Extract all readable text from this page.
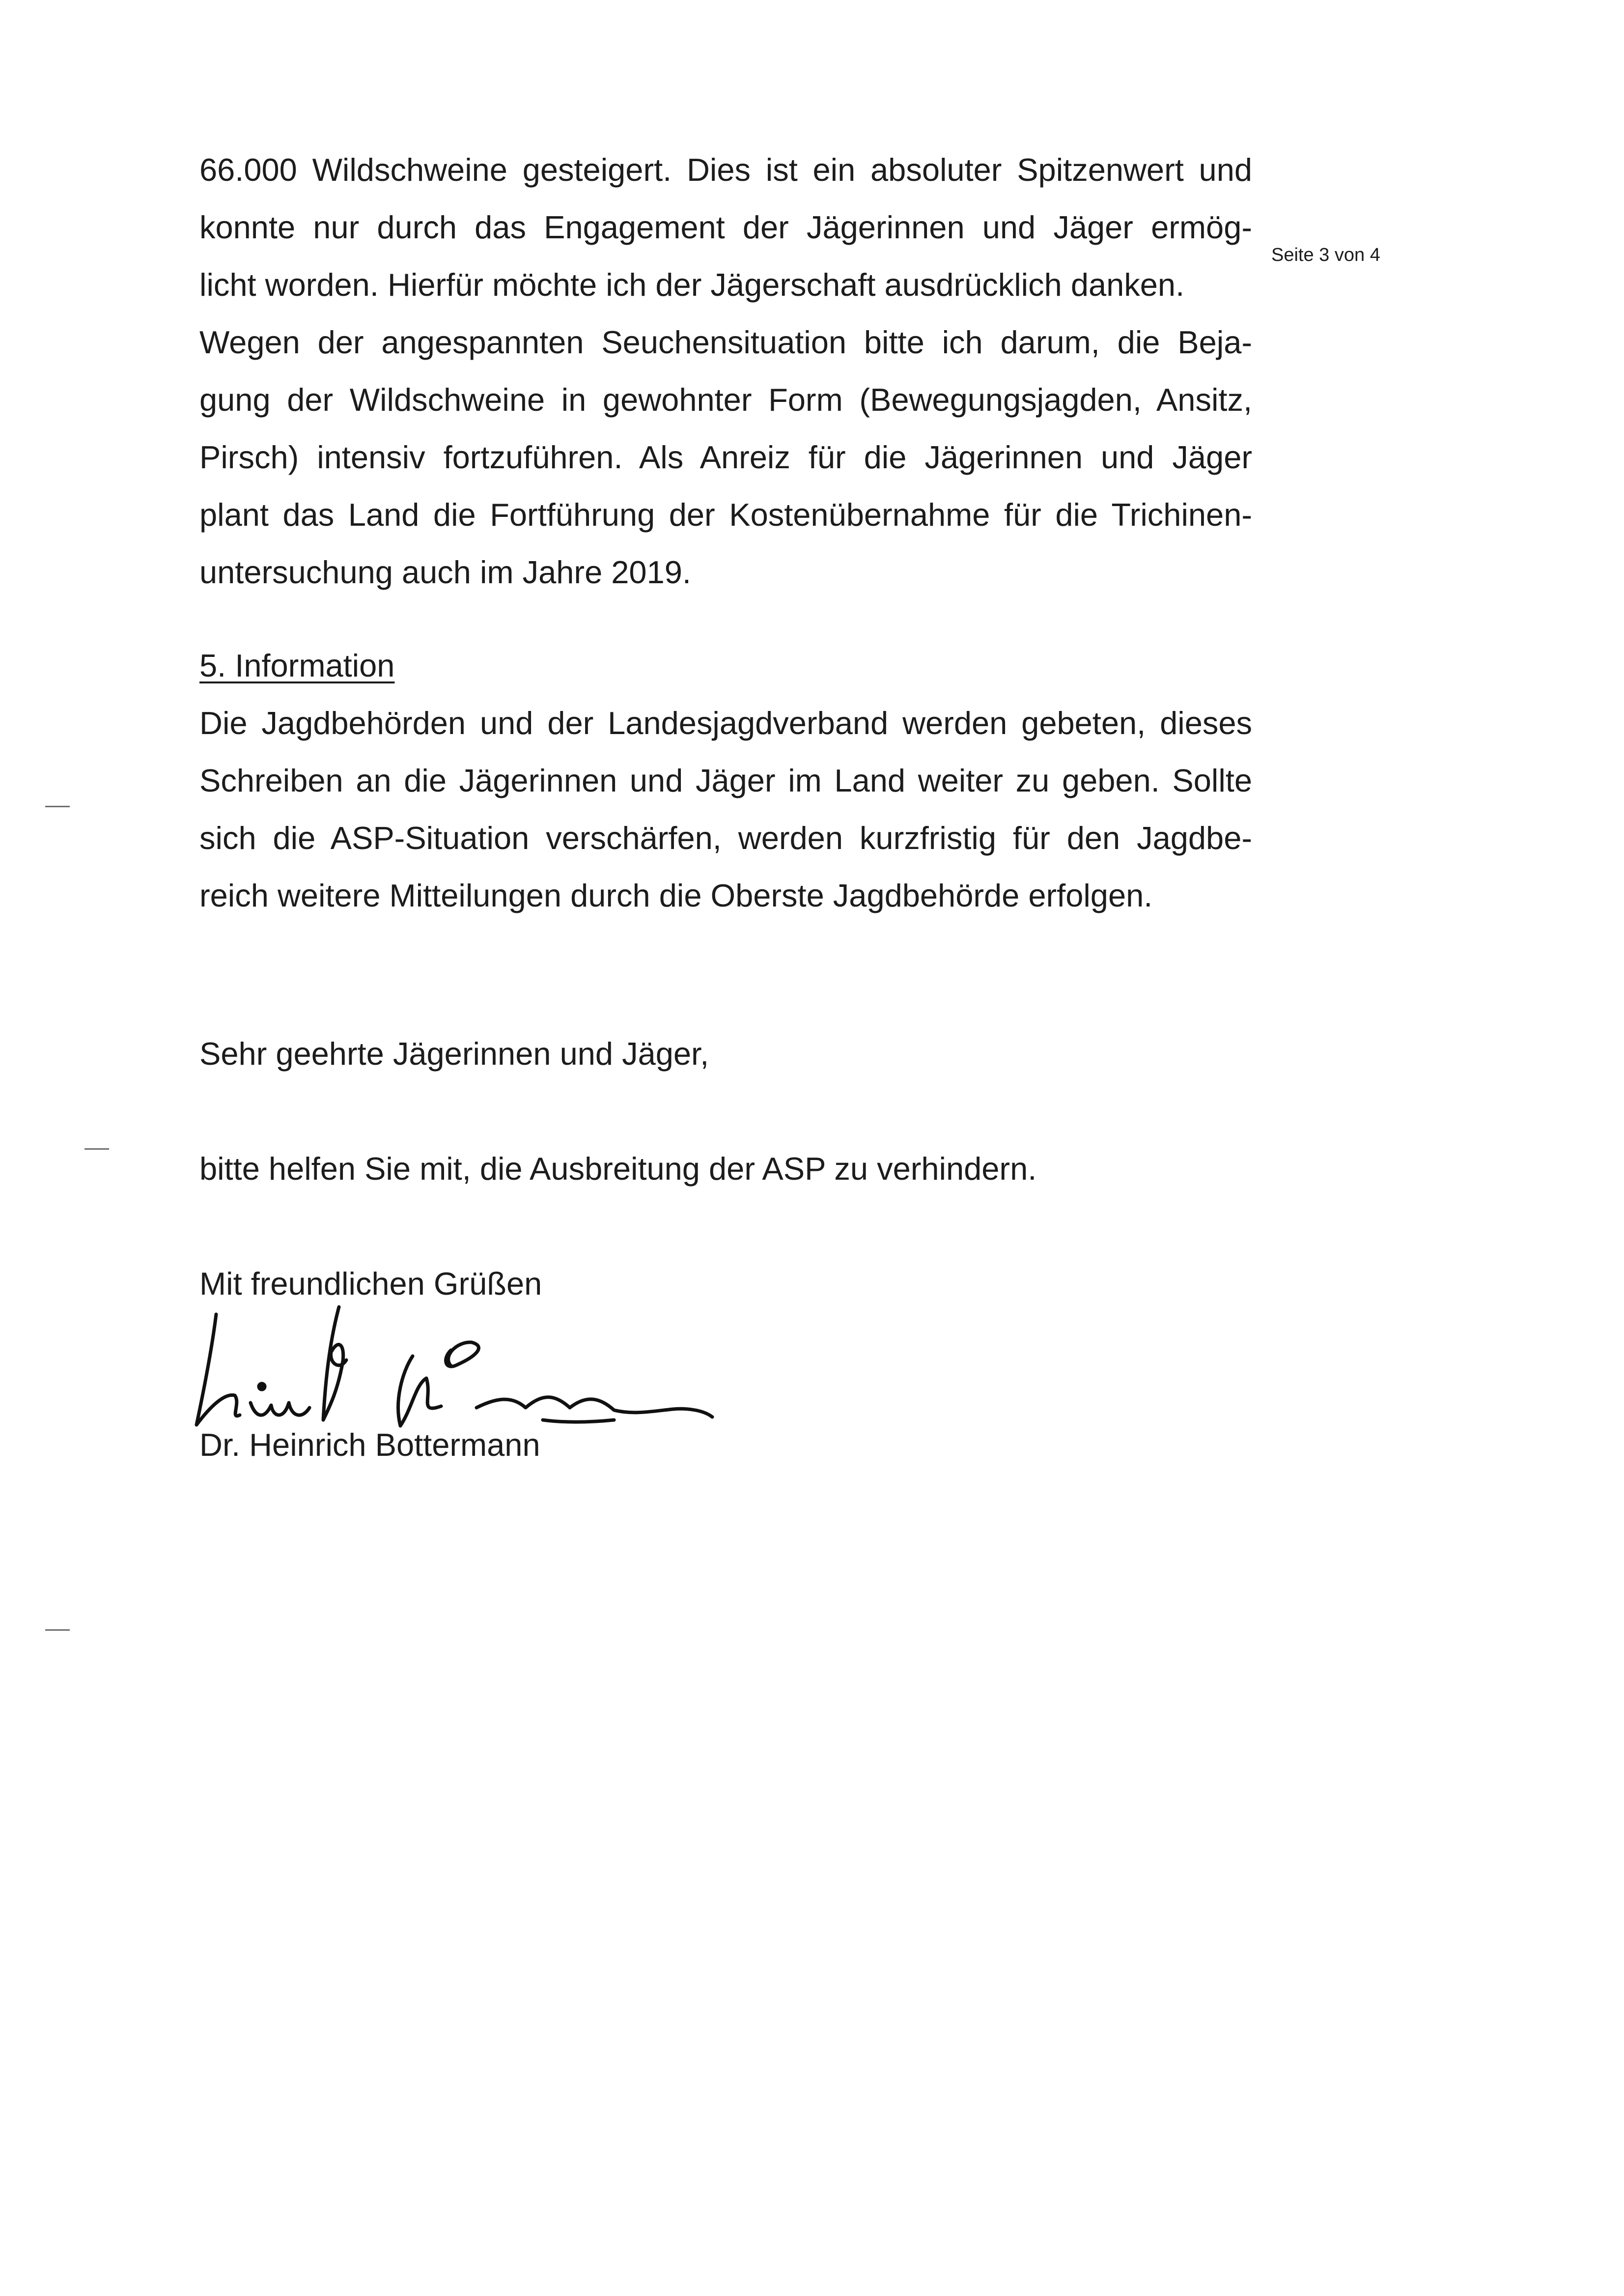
Seite 3 von 4
66.000 Wildschweine gesteigert. Dies ist ein absoluter Spitzenwert und
konnte nur durch das Engagement der Jägerinnen und Jäger ermög-
licht worden. Hierfür möchte ich der Jägerschaft ausdrücklich danken.
Wegen der angespannten Seuchensituation bitte ich darum, die Beja-
gung der Wildschweine in gewohnter Form (Bewegungsjagden, Ansitz,
Pirsch) intensiv fortzuführen. Als Anreiz für die Jägerinnen und Jäger
plant das Land die Fortführung der Kostenübernahme für die Trichinen-
untersuchung auch im Jahre 2019.
5. Information
Die Jagdbehörden und der Landesjagdverband werden gebeten, dieses
Schreiben an die Jägerinnen und Jäger im Land weiter zu geben. Sollte
sich die ASP-Situation verschärfen, werden kurzfristig für den Jagdbe-
reich weitere Mitteilungen durch die Oberste Jagdbehörde erfolgen.
Sehr geehrte Jägerinnen und Jäger,
bitte helfen Sie mit, die Ausbreitung der ASP zu verhindern.
Mit freundlichen Grüßen
Dr. Heinrich Bottermann
